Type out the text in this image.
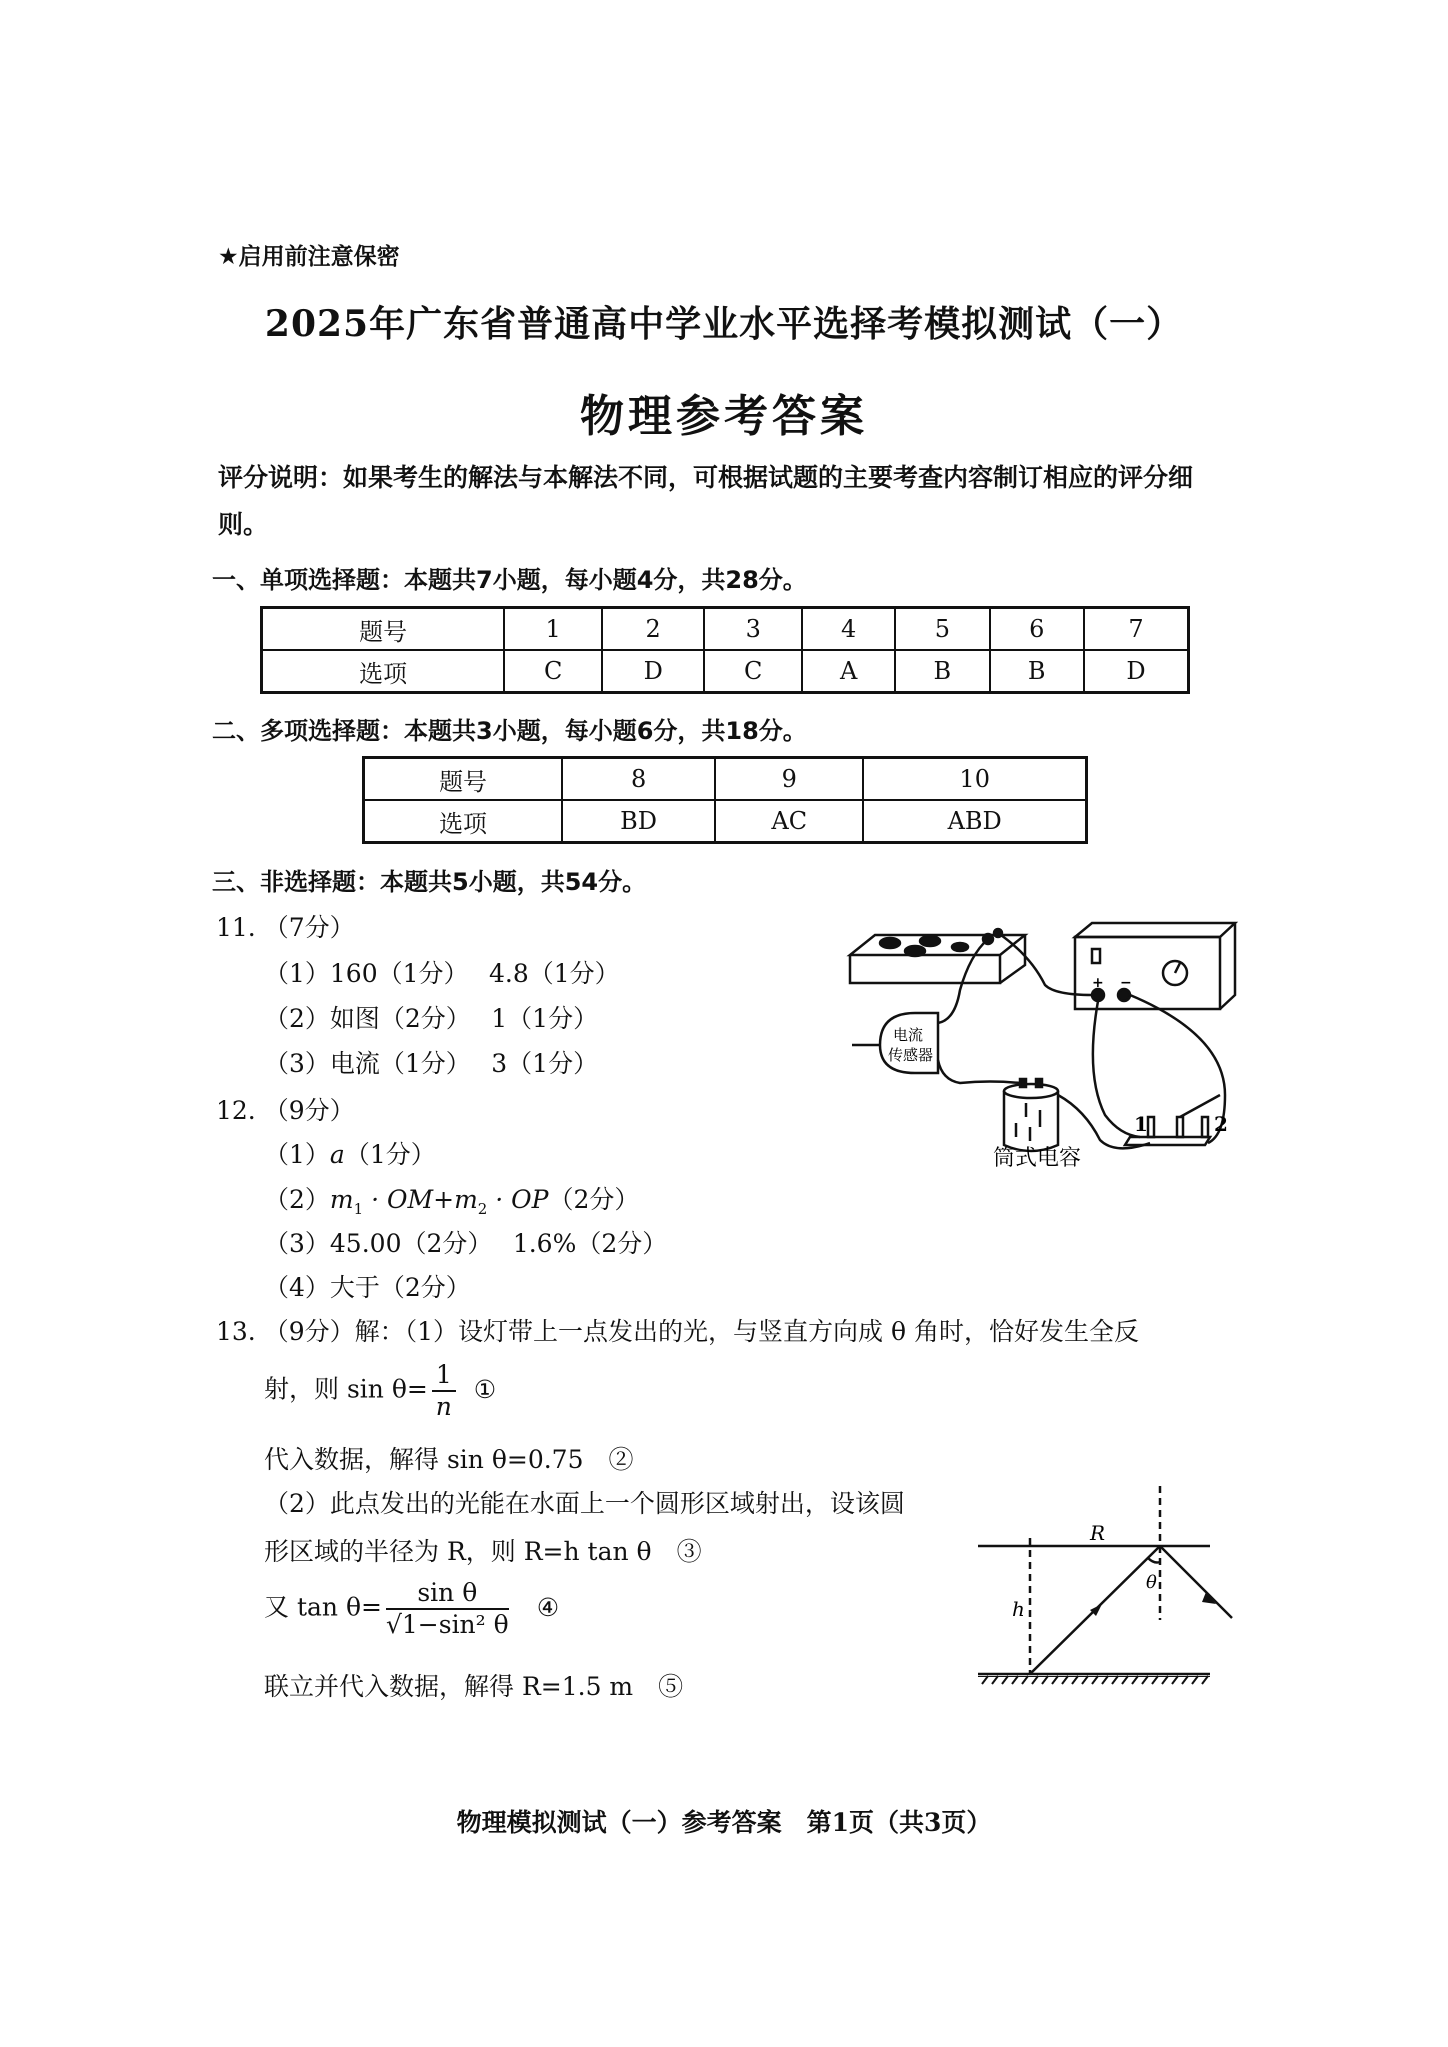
★启用前注意保密
2025年广东省普通高中学业水平选择考模拟测试（一）
物理参考答案
评分说明：如果考生的解法与本解法不同，可根据试题的主要考查内容制订相应的评分细则。
一、单项选择题：本题共7小题，每小题4分，共28分。
题号	1	2	3	4	5	6	7
选项	C	D	C	A	B	B	D
二、多项选择题：本题共3小题，每小题6分，共18分。
题号	8	9	10
选项	BD	AC	ABD
三、非选择题：本题共5小题，共54分。
11. （7分）
（1）160（1分）　 4.8（1分）
（2）如图（2分）　 1（1分）
（3）电流（1分）　 3（1分）
电流
传感器
筒式电容
+ −
1	2
12. （9分）
（1）a（1分）
$(2)m_1 \cdot OM+m_2 \cdot OP(2$分）
（3）45.00（2分）　 1.6%（2分）
（4）大于（2分）
13. （9分）解：（1）设灯带上一点发出的光，与竖直方向成 θ 角时，恰好发生全反
射，则 $\sin \theta= \frac{1}{n}$ ①
代入数据，解得 sin θ=0.75　②
（2）此点发出的光能在水面上一个圆形区域射出，设该圆
形区域的半径为 R，则 R=h tan θ　③
又 $\tan \theta= \frac{\text{sin θ}}{\text{√1−sin² θ}}$ ④
联立并代入数据，解得 R=1.5 m　⑤
R
h
θ
物理模拟测试（一）参考答案　第1页（共3页）
